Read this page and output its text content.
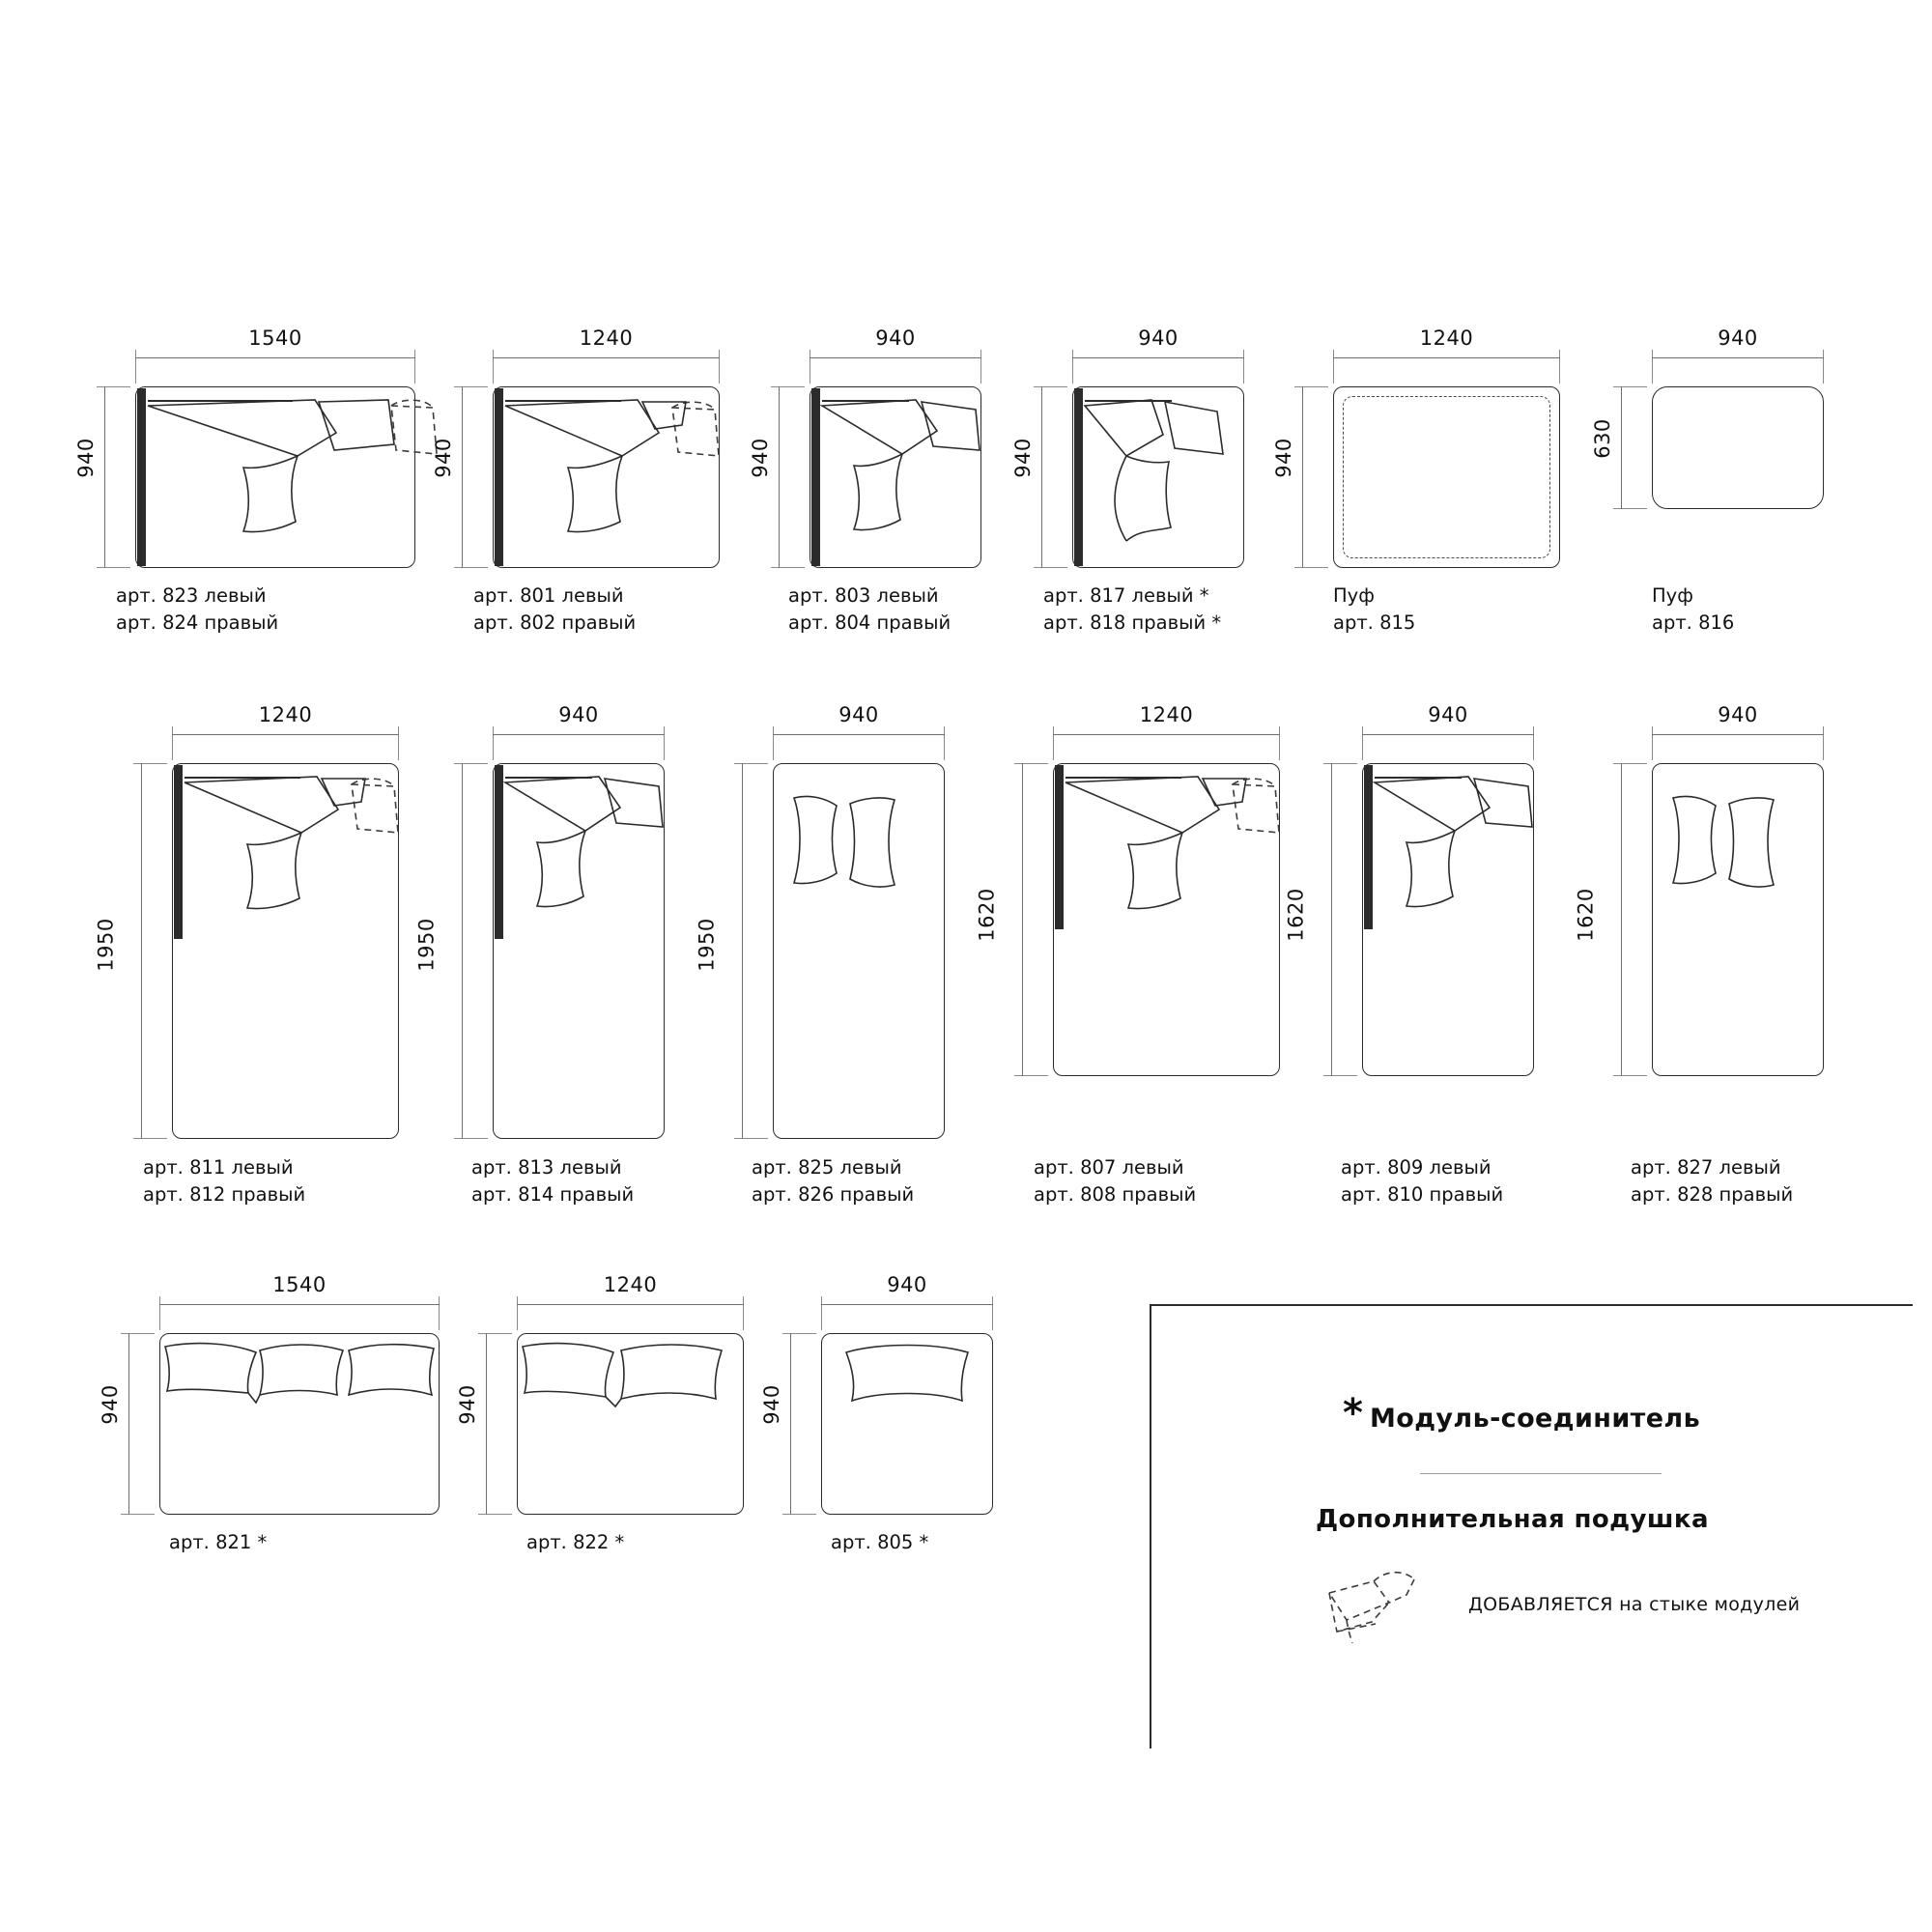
1540
940
арт. 823 левый
арт. 824 правый
1240
940
арт. 801 левый
арт. 802 правый
940
940
арт. 803 левый
арт. 804 правый
940
940
арт. 817 левый *
арт. 818 правый *
1240
940
Пуф
арт. 815
940
630
Пуф
арт. 816
1240
1950
арт. 811 левый
арт. 812 правый
940
1950
арт. 813 левый
арт. 814 правый
940
1950
арт. 825 левый
арт. 826 правый
1240
1620
арт. 807 левый
арт. 808 правый
940
1620
арт. 809 левый
арт. 810 правый
940
1620
арт. 827 левый
арт. 828 правый
1540
940
арт. 821 *
1240
940
арт. 822 *
940
940
арт. 805 *
* Модуль-соединитель
Дополнительная подушка
ДОБАВЛЯЕТСЯ на стыке модулей
